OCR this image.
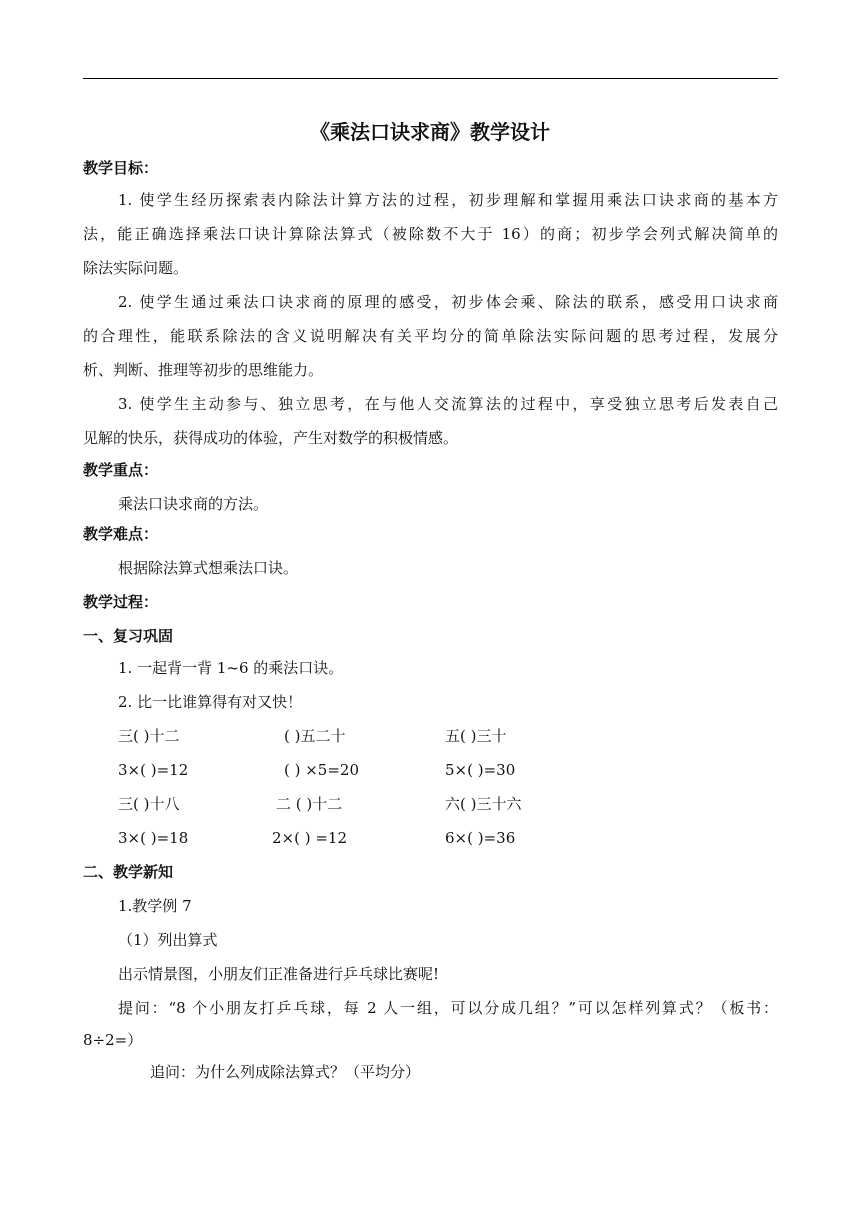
《乘法口诀求商》教学设计
教学目标：
1. 使学生经历探索表内除法计算方法的过程，初步理解和掌握用乘法口诀求商的基本方
法，能正确选择乘法口诀计算除法算式（被除数不大于 16）的商；初步学会列式解决简单的
除法实际问题。
2. 使学生通过乘法口诀求商的原理的感受，初步体会乘、除法的联系，感受用口诀求商
的合理性，能联系除法的含义说明解决有关平均分的简单除法实际问题的思考过程，发展分
析、判断、推理等初步的思维能力。
3. 使学生主动参与、独立思考，在与他人交流算法的过程中，享受独立思考后发表自己
见解的快乐，获得成功的体验，产生对数学的积极情感。
教学重点：
乘法口诀求商的方法。
教学难点：
根据除法算式想乘法口诀。
教学过程：
一、复习巩固
1. 一起背一背 1~6 的乘法口诀。
2. 比一比谁算得有对又快！
三( )十二	( )五二十	五( )三十
3×( )=12	( ) ×5=20	5×( )=30
三( )十八	二 ( )十二	六( )三十六
3×( )=18	2×( ) =12	6×( )=36
二、教学新知
1.教学例 7
（1）列出算式
出示情景图，小朋友们正准备进行乒乓球比赛呢!
提问：“8 个小朋友打乒乓球，每 2 人一组，可以分成几组？”可以怎样列算式？（板书：
8÷2=）
追问：为什么列成除法算式？（平均分）
